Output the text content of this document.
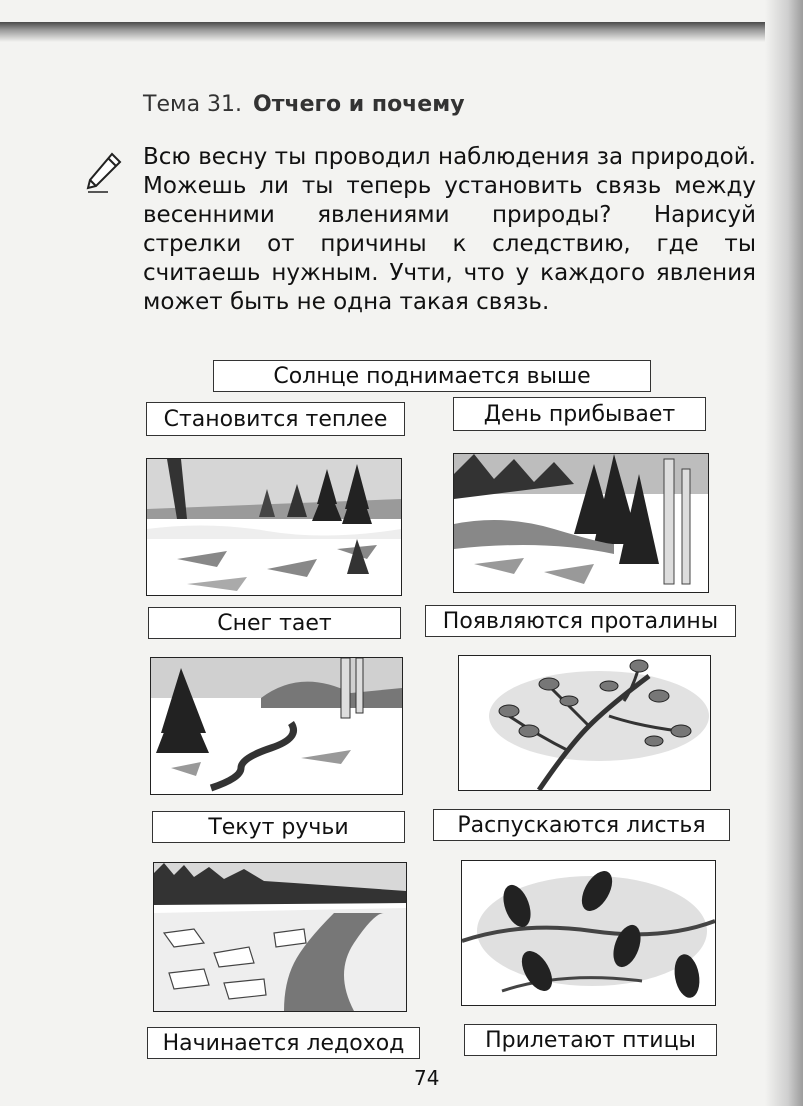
Тема 31. Отчего и почему

Всю весну ты проводил наблюдения за природой. Можешь ли ты теперь установить связь между весенними явлениями природы? Нарисуй стрелки от причины к следствию, где ты считаешь нужным. Учти, что у каждого явления может быть не одна такая связь.

Солнце поднимается выше
Становится теплее	День прибывает
Снег тает	Появляются проталины
Текут ручьи	Распускаются листья
Начинается ледоход	Прилетают птицы
74
